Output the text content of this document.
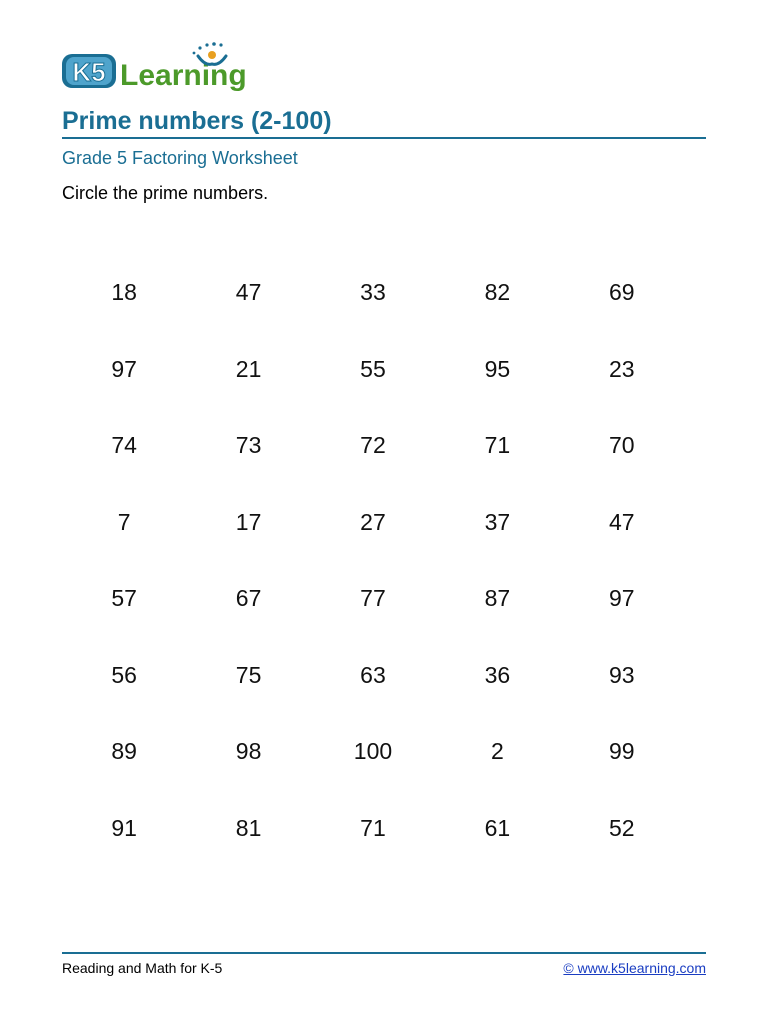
K5 Learning
Prime numbers (2-100)
Grade 5 Factoring Worksheet
Circle the prime numbers.
18	47	33	82	69
97	21	55	95	23
74	73	72	71	70
7	17	27	37	47
57	67	77	87	97
56	75	63	36	93
89	98	100	2	99
91	81	71	61	52
Reading and Math for K-5	© www.k5learning.com
